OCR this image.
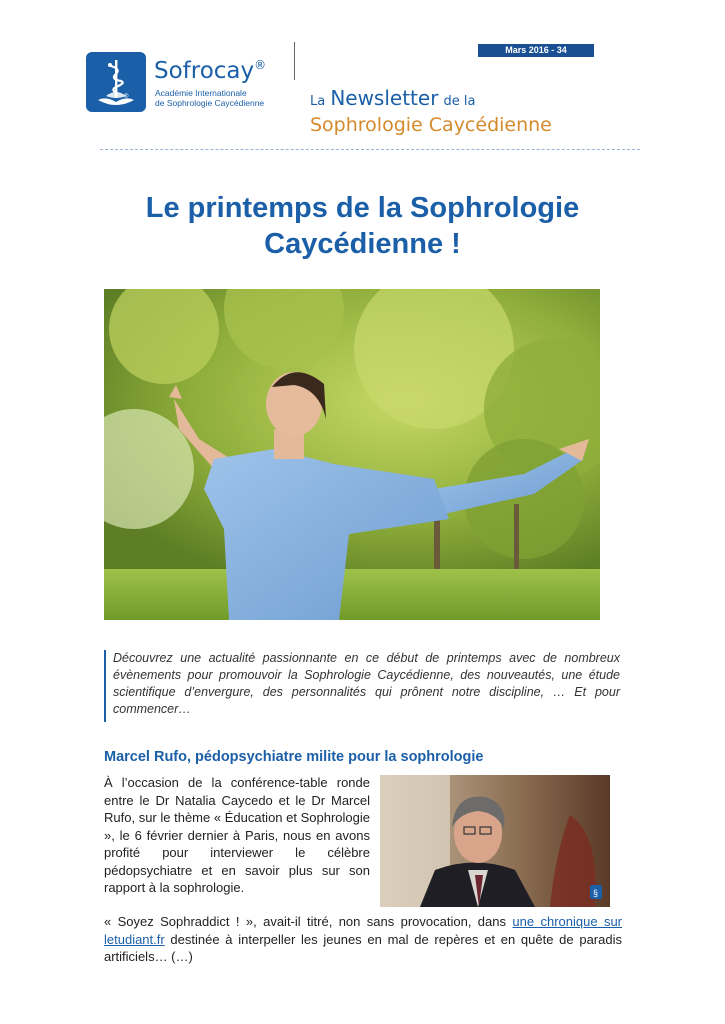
Mars 2016 - 34
®
Sofrocay®
Académie Internationale
de Sophrologie Caycédienne	La Newsletter de la
Sophrologie Caycédienne
Le printemps de la Sophrologie
Caycédienne !
Découvrez une actualité passionnante en ce début de printemps avec de nombreux évènements pour promouvoir la Sophrologie Caycédienne, des nouveautés, une étude scientifique d’envergure, des personnalités qui prônent notre discipline, … Et pour commencer…
Marcel Rufo, pédopsychiatre milite pour la sophrologie
À l’occasion de la conférence-table ronde entre le Dr Natalia Caycedo et le Dr Marcel Rufo, sur le thème « Éducation et Sophrologie », le 6 février dernier à Paris, nous en avons profité pour interviewer le célèbre pédopsychiatre et en savoir plus sur son rapport à la sophrologie.	§
« Soyez Sophraddict ! », avait-il titré, non sans provocation, dans une chronique sur letudiant.fr destinée à interpeller les jeunes en mal de repères et en quête de paradis artificiels… (…)
